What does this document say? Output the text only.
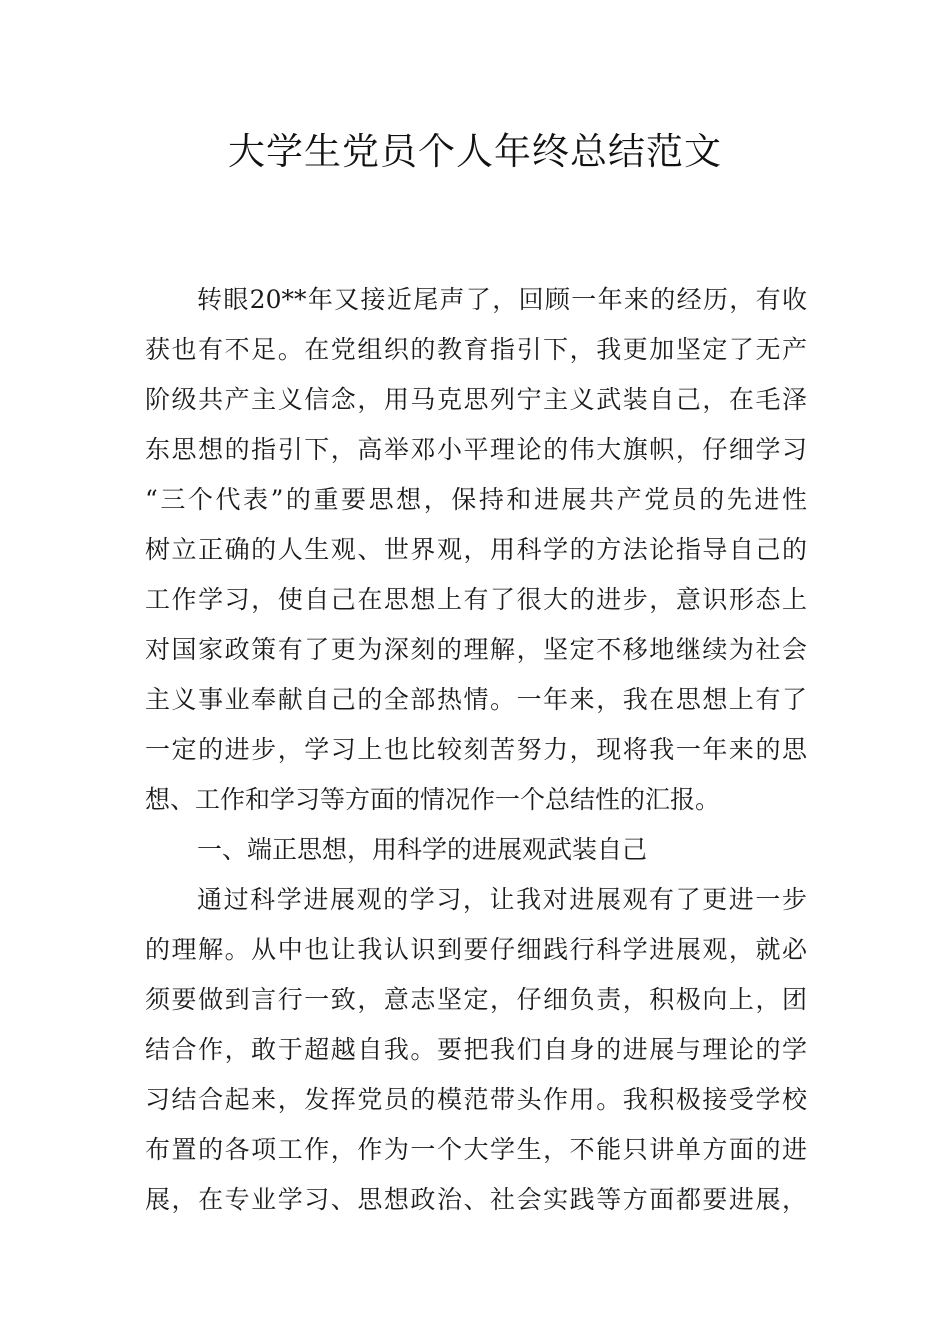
大学生党员个人年终总结范文
转眼20**年又接近尾声了，回顾一年来的经历，有收
获也有不足。在党组织的教育指引下，我更加坚定了无产
阶级共产主义信念，用马克思列宁主义武装自己，在毛泽
东思想的指引下，高举邓小平理论的伟大旗帜，仔细学习
“三个代表”的重要思想，保持和进展共产党员的先进性
树立正确的人生观、世界观，用科学的方法论指导自己的
工作学习，使自己在思想上有了很大的进步，意识形态上
对国家政策有了更为深刻的理解，坚定不移地继续为社会
主义事业奉献自己的全部热情。一年来，我在思想上有了
一定的进步，学习上也比较刻苦努力，现将我一年来的思
想、工作和学习等方面的情况作一个总结性的汇报。
一、端正思想，用科学的进展观武装自己
通过科学进展观的学习，让我对进展观有了更进一步
的理解。从中也让我认识到要仔细践行科学进展观，就必
须要做到言行一致，意志坚定，仔细负责，积极向上，团
结合作，敢于超越自我。要把我们自身的进展与理论的学
习结合起来，发挥党员的模范带头作用。我积极接受学校
布置的各项工作，作为一个大学生，不能只讲单方面的进
展，在专业学习、思想政治、社会实践等方面都要进展，
